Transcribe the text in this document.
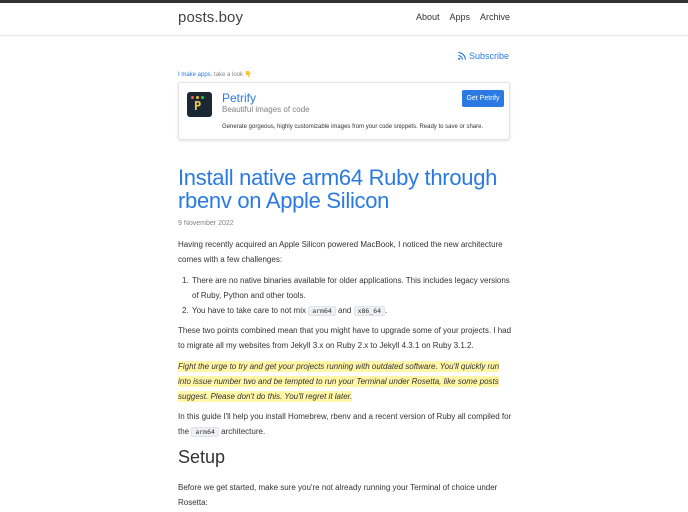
posts.boy	About Apps Archive
Subscribe
I make apps, take a look 👇
P
Petrify
Beautiful images of code
Get Petrify
Generate gorgeous, highly customizable images from your code snippets. Ready to save or share.
Install native arm64 Ruby through rbenv on Apple Silicon
9 November 2022

Having recently acquired an Apple Silicon powered MacBook, I noticed the new architecture comes with a few challenges:

1. There are no native binaries available for older applications. This includes legacy versions of Ruby, Python and other tools.
2. You have to take care to not mix arm64 and x86_64 .

These two points combined mean that you might have to upgrade some of your projects. I had to migrate all my websites from Jekyll 3.x on Ruby 2.x to Jekyll 4.3.1 on Ruby 3.1.2.

Fight the urge to try and get your projects running with outdated software. You'll quickly run into issue number two and be tempted to run your Terminal under Rosetta, like some posts suggest. Please don't do this. You'll regret it later.

In this guide I'll help you install Homebrew, rbenv and a recent version of Ruby all compiled for the arm64 architecture.

Setup

Before we get started, make sure you're not already running your Terminal of choice under Rosetta:
